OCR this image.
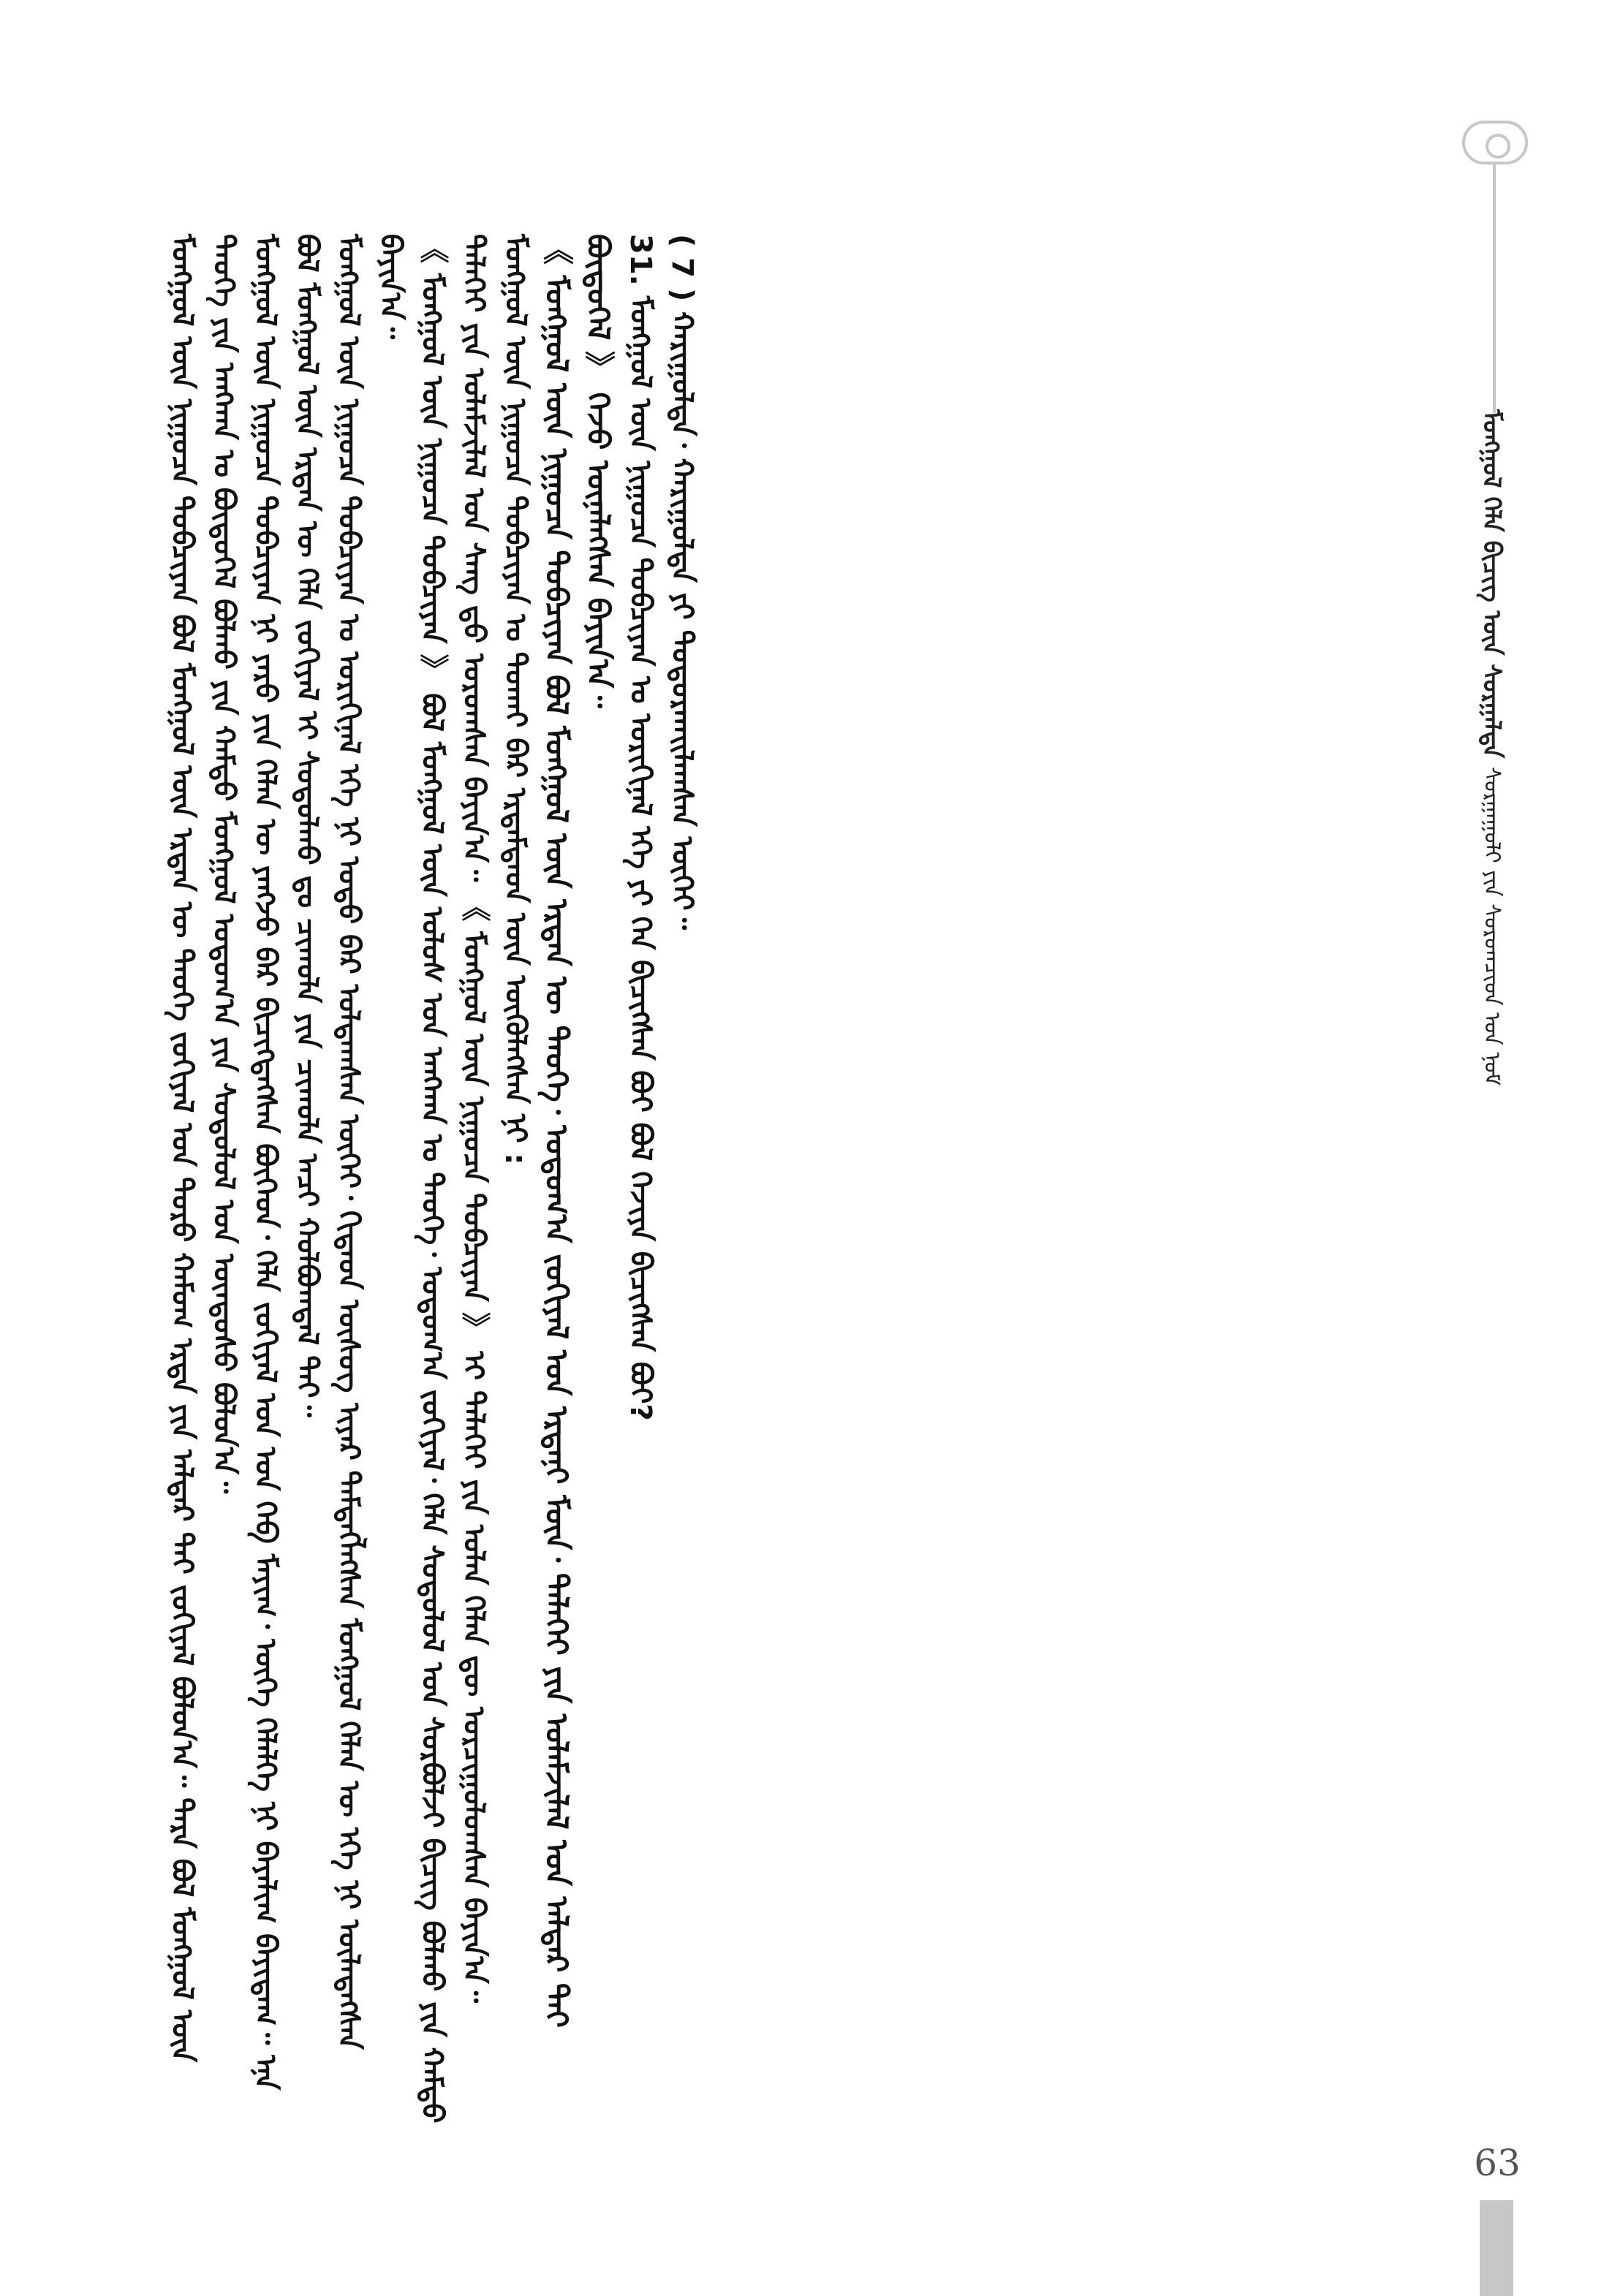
ᠮᠣᠩᠭᠣᠯ ᠬᠡᠯᠡ ᠪᠢᠴᠢᠭ ᠦᠨ ᠰᠤᠷᠭᠠᠯᠲᠠ ᠰᠤᠷᠭᠠᠭᠤᠯᠢ ᠶᠢᠨ ᠰᠤᠷᠤᠭᠴᠢᠳ ᠤᠨ ᠨᠣᠮ

ᠮᠣᠩᠭᠣᠯ ᠦᠨ ᠨᠢᠭᠤᠴᠠ ᠲᠣᠪᠴᠢᠶᠠᠨ ᠪᠣᠯ ᠮᠣᠩᠭᠣᠯ ᠦᠨ ᠡᠷᠲᠡᠨ ᠦ ᠲᠡᠦᠬᠡ ᠵᠣᠬᠢᠶᠠᠯ ᠤᠨ ᠳᠣᠷᠤ ᠬᠠᠮᠤᠭ ᠡᠷᠲᠡ ᠶᠢᠨ ᠠᠯᠳᠠᠷ ᠲᠠᠢ ᠵᠣᠬᠢᠶᠠᠯ ᠪᠣᠯᠤᠨ᠎ᠠ᠃ ᠲᠡᠷᠡ ᠪᠣᠯ ᠮᠣᠩᠭᠣᠯ ᠦᠨ ᠲᠡᠦᠬᠡ ᠶᠢᠨ ᠠᠩᠬᠠᠨ ᠤ ᠪᠦᠲᠦᠭᠡᠯ ᠪᠣᠯᠬᠤ ᠶᠢᠨ ᠬᠠᠮᠲᠤ ᠮᠣᠩᠭᠣᠯ ᠤᠳᠤᠬ᠎ᠠ ᠶᠢᠨ ᠰᠤᠳᠤᠯᠤᠯ ᠤᠨ ᠦᠨᠳᠦᠰᠦ ᠪᠣᠯᠤᠨ᠎ᠠ᠃ ᠮᠣᠩᠭᠣᠯ ᠦᠨ ᠨᠢᠭᠤᠴᠠ ᠲᠣᠪᠴᠢᠶᠠᠨ ᠨᠢ ᠶᠡᠷᠦ ᠶᠢᠨ ᠬᠡᠯᠡᠨ ᠦ ᠶᠠᠩᠵᠤ ᠪᠠᠷ ᠪᠢᠴᠢᠭᠳᠡᠭᠰᠡᠨ ᠪᠥᠭᠡᠳ᠂ ᠬᠡᠯᠡ ᠵᠣᠬᠢᠶᠠᠯ ᠤᠨ ᠤᠨ ᠬᠡᠪ ᠮᠠᠶᠢᠭ᠂ ᠦᠭᠡ ᠬᠡᠯᠡᠯᠭᠡ ᠨᠢ ᠪᠠᠶᠠᠯᠢᠭ ᠪᠠᠶᠢᠳᠠᠭ᠃ ᠡᠨᠡ ᠪᠣᠯ ᠮᠣᠩᠭᠣᠯ ᠦᠨ ᠡᠷᠲᠡᠨ ᠦ ᠬᠡᠯᠡ ᠵᠣᠬᠢᠶᠠᠯ ᠢ ᠰᠤᠳᠤᠯᠬᠤ ᠳᠤ ᠴᠢᠬᠤᠯᠠ ᠶᠢᠨ ᠴᠢᠬᠤᠯᠠ ᠠᠴᠢ ᠬᠣᠯᠪᠣᠭᠳᠠᠯ ᠲᠠᠢ᠃ ᠮᠣᠩᠭᠣᠯ ᠦᠨ ᠨᠢᠭᠤᠴᠠ ᠲᠣᠪᠴᠢᠶᠠᠨ ᠤ ᠣᠷᠢᠭᠢᠨᠠᠯ ᠡᠬᠡ ᠨᠢ ᠣᠳᠣ ᠪᠠᠷ ᠣᠯᠳᠠᠭᠰᠠᠨ ᠦᠭᠡᠢ᠂ ᠬᠢᠲᠠᠳ ᠦᠰᠦᠭ ᠢᠶᠡᠷ ᠲᠡᠮᠳᠡᠭᠯᠡᠭᠰᠡᠨ ᠮᠣᠩᠭᠣᠯ ᠬᠡᠯᠡᠨ ᠦ ᠡᠬᠡ ᠨᠢ ᠦᠯᠡᠳᠡᠭᠰᠡᠨ ᠪᠠᠶᠢᠨ᠎ᠠ᠃ 《 ᠮᠣᠩᠭᠣᠯ ᠦᠨ ᠨᠢᠭᠤᠴᠠ ᠲᠣᠪᠴᠢᠶᠠᠨ 》 ᠪᠣᠯ ᠮᠣᠩᠭᠣᠯ ᠦᠨ ᠤᠯᠤᠰ ᠤᠨ ᠠᠩᠬᠠᠨ ᠤ ᠲᠡᠦᠬᠡ᠂ ᠤᠳᠤᠬ᠎ᠠ ᠵᠣᠬᠢᠶᠠᠯ᠂ ᠬᠡᠯᠡ ᠰᠤᠳᠤᠯᠤᠯ ᠤᠨ ᠰᠤᠷᠪᠤᠯᠵᠢ ᠪᠢᠴᠢᠭ ᠪᠣᠯᠬᠤ ᠶᠢᠨ ᠬᠠᠮᠲᠤ ᠳᠡᠯᠡᠬᠡᠢ ᠶᠢᠨ ᠤᠯᠠᠮᠵᠢᠯᠠᠯ ᠤᠨ ᠰᠠᠩ ᠳ᠋ᠤ ᠣᠷᠣᠭᠰᠠᠨ ᠪᠠᠶᠢᠨ᠎ᠠ᠃ 《 ᠮᠣᠩᠭᠣᠯ ᠦᠨ ᠨᠢᠭᠤᠴᠠ ᠲᠣᠪᠴᠢᠶᠠᠨ 》 ᠢ ᠳᠡᠯᠡᠬᠡᠢ ᠶᠢᠨ ᠣᠯᠠᠨ ᠬᠡᠯᠡᠨ ᠳᠦ ᠣᠷᠴᠢᠭᠤᠯᠤᠭᠰᠠᠨ ᠪᠠᠶᠢᠨ᠎ᠠ᠃ ᠮᠣᠩᠭᠣᠯ ᠦᠨ ᠨᠢᠭᠤᠴᠠ ᠲᠣᠪᠴᠢᠶᠠᠨ ᠤ ᠲᠤᠬᠠᠢ ᠪᠠᠷ ᠡᠷᠳᠡᠮᠲᠡᠳ ᠦᠨ ᠦᠭᠦᠯᠡᠭᠰᠡᠨ ᠨᠢ : 《 ᠮᠣᠩᠭᠣᠯ ᠦᠨ ᠨᠢᠭᠤᠴᠠ ᠲᠣᠪᠴᠢᠶᠠᠨ ᠪᠣᠯ ᠮᠣᠩᠭᠣᠯ ᠦᠨ ᠡᠷᠲᠡᠨ ᠦ ᠲᠡᠦᠬᠡ᠂ ᠤᠳᠤᠬ᠎ᠠ ᠵᠣᠬᠢᠶᠠᠯ ᠤᠨ ᠡᠷᠳᠡᠨᠢ ᠮᠥᠨ᠂ ᠳᠡᠯᠡᠬᠡᠢ ᠶᠢᠨ ᠤᠯᠠᠮᠵᠢᠯᠠᠯ ᠤᠨ ᠠᠯᠳᠠᠷ ᠲᠠᠢ ᠪᠦᠲᠦᠭᠡᠯ 》 ᠭᠡᠵᠦ ᠦᠨᠡᠯᠡᠭᠰᠡᠨ ᠪᠠᠶᠢᠨ᠎ᠠ᠃ 31. ᠮᠣᠩᠭᠣᠯ ᠦᠨ ᠨᠢᠭᠤᠴᠠ ᠲᠣᠪᠴᠢᠶᠠᠨ ᠤ ᠣᠷᠢᠭᠢᠨᠠᠯ ᠡᠬᠡ ᠶᠢ ᠬᠡᠨ ᠪᠢᠴᠢᠭᠰᠡᠨ ᠪᠤᠢ ᠪᠣᠯ ᠬᠡᠵᠢᠶᠡ ᠪᠢᠴᠢᠭᠰᠡᠨ ᠪᠤᠢ? ( 7 ) ᠬᠠᠷᠢᠭᠤᠯᠲᠠ᠂ ᠬᠠᠷᠢᠭᠤᠯᠲᠠ ᠶᠢ ᠲᠣᠳᠣᠷᠬᠠᠢᠯᠠᠭᠰᠠᠨ ᠦᠭᠡᠢ᠃

63
